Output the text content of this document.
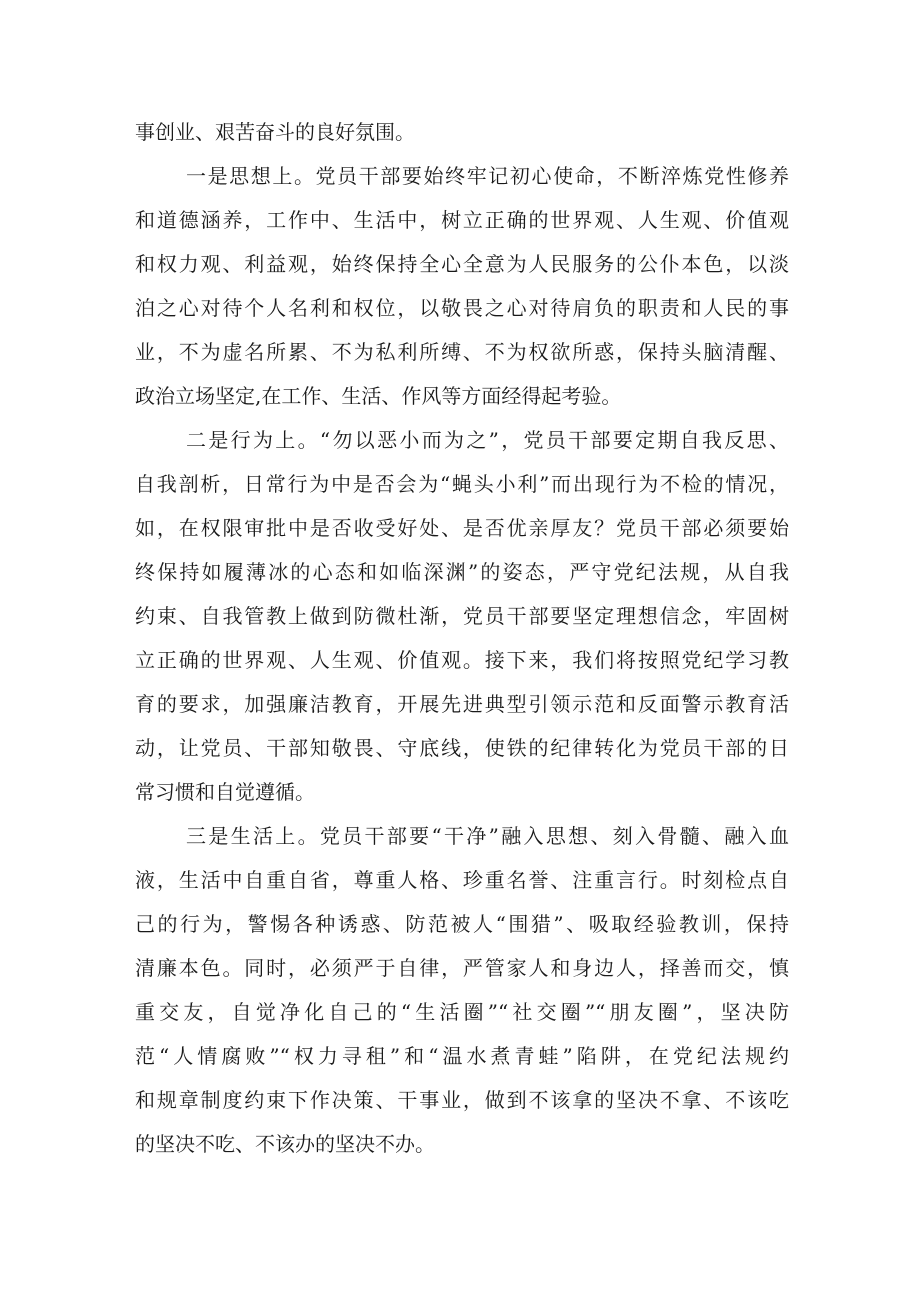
事创业、艰苦奋斗的良好氛围。
一是思想上。党员干部要始终牢记初心使命，不断淬炼党性修养
和道德涵养，工作中、生活中，树立正确的世界观、人生观、价值观
和权力观、利益观，始终保持全心全意为人民服务的公仆本色，以淡
泊之心对待个人名利和权位，以敬畏之心对待肩负的职责和人民的事
业，不为虚名所累、不为私利所缚、不为权欲所惑，保持头脑清醒、
政治立场坚定,在工作、生活、作风等方面经得起考验。
二是行为上。“勿以恶小而为之”，党员干部要定期自我反思、
自我剖析，日常行为中是否会为“蝇头小利”而出现行为不检的情况，
如，在权限审批中是否收受好处、是否优亲厚友？党员干部必须要始
终保持如履薄冰的心态和如临深渊”的姿态，严守党纪法规，从自我
约束、自我管教上做到防微杜渐，党员干部要坚定理想信念，牢固树
立正确的世界观、人生观、价值观。接下来，我们将按照党纪学习教
育的要求，加强廉洁教育，开展先进典型引领示范和反面警示教育活
动，让党员、干部知敬畏、守底线，使铁的纪律转化为党员干部的日
常习惯和自觉遵循。
三是生活上。党员干部要“干净”融入思想、刻入骨髓、融入血
液，生活中自重自省，尊重人格、珍重名誉、注重言行。时刻检点自
己的行为，警惕各种诱惑、防范被人“围猎”、吸取经验教训，保持
清廉本色。同时，必须严于自律，严管家人和身边人，择善而交，慎
重交友，自觉净化自己的“生活圈”“社交圈”“朋友圈”，坚决防
范“人情腐败”“权力寻租”和“温水煮青蛙”陷阱，在党纪法规约
和规章制度约束下作决策、干事业，做到不该拿的坚决不拿、不该吃
的坚决不吃、不该办的坚决不办。
